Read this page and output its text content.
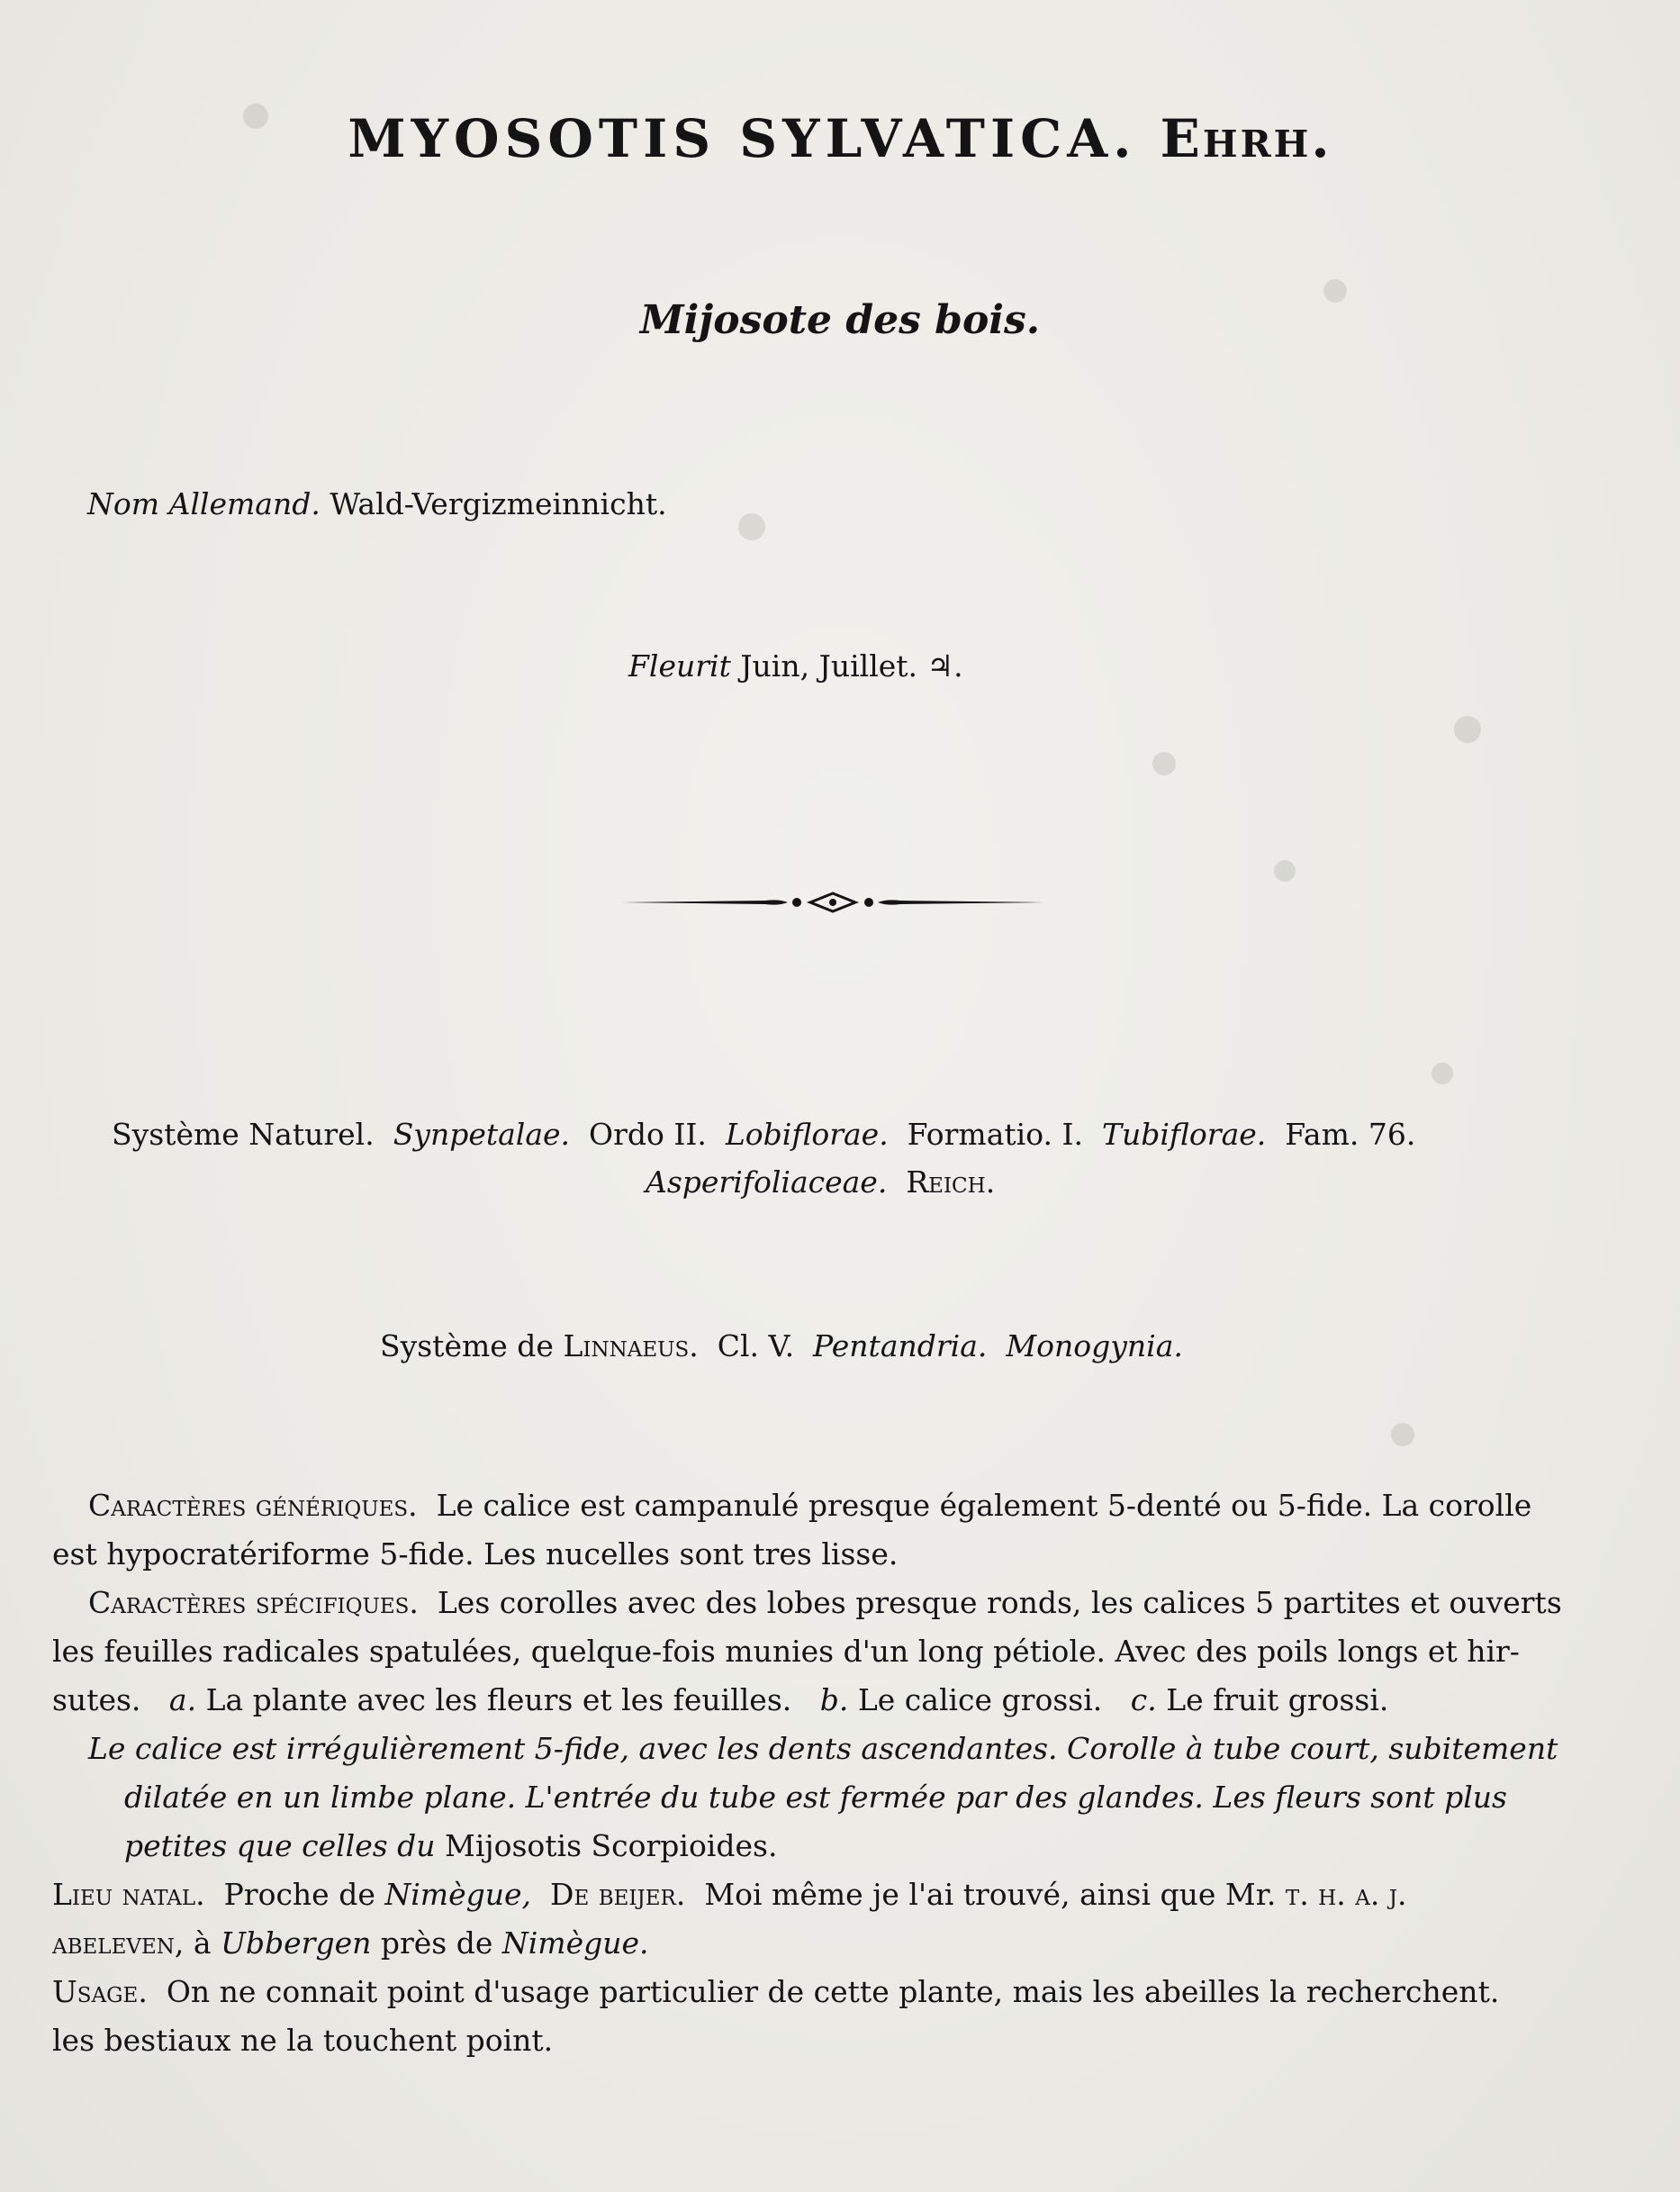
MYOSOTIS SYLVATICA. Ehrh.
Mijosote des bois.
Nom Allemand. Wald-Vergizmeinnicht.
Fleurit Juin, Juillet. ♃.
Système Naturel. Synpetalae. Ordo II. Lobiflorae. Formatio. I. Tubiflorae. Fam. 76.
Asperifoliaceae. Reich.
Système de Linnaeus. Cl. V. Pentandria. Monogynia.
Caractères génériques. Le calice est campanulé presque également 5-denté ou 5-fide. La corolle
est hypocratériforme 5-fide. Les nucelles sont tres lisse.
Caractères spécifiques. Les corolles avec des lobes presque ronds, les calices 5 partites et ouverts
les feuilles radicales spatulées, quelque-fois munies d'un long pétiole. Avec des poils longs et hir-
sutes. a. La plante avec les fleurs et les feuilles. b. Le calice grossi. c. Le fruit grossi.
Le calice est irrégulièrement 5-fide, avec les dents ascendantes. Corolle à tube court, subitement
dilatée en un limbe plane. L'entrée du tube est fermée par des glandes. Les fleurs sont plus
petites que celles du Mijosotis Scorpioides.
Lieu natal. Proche de Nimègue, De beijer. Moi même je l'ai trouvé, ainsi que Mr. t. h. a. j.
abeleven, à Ubbergen près de Nimègue.
Usage. On ne connait point d'usage particulier de cette plante, mais les abeilles la recherchent.
les bestiaux ne la touchent point.
